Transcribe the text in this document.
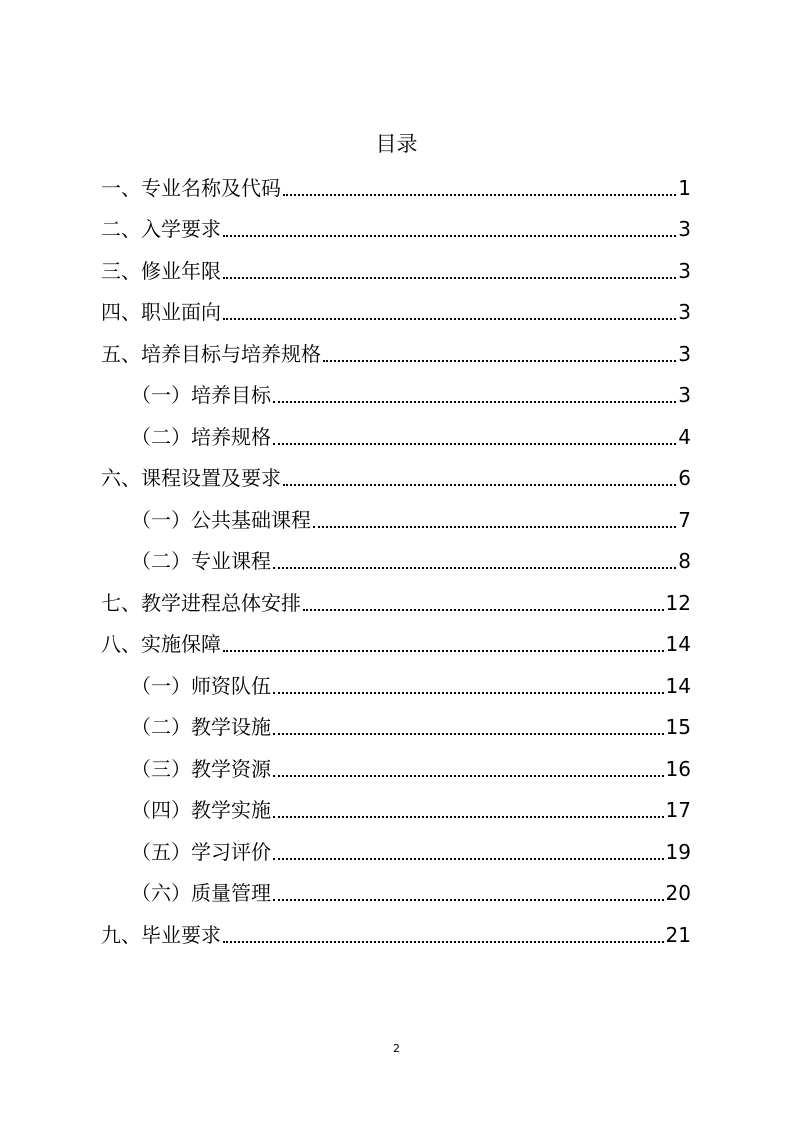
目录
一、专业名称及代码	1
二、入学要求	3
三、修业年限	3
四、职业面向	3
五、培养目标与培养规格	3
（一）培养目标	3
（二）培养规格	4
六、课程设置及要求	6
（一）公共基础课程	7
（二）专业课程	8
七、教学进程总体安排	12
八、实施保障	14
（一）师资队伍	14
（二）教学设施	15
（三）教学资源	16
（四）教学实施	17
（五）学习评价	19
（六）质量管理	20
九、毕业要求	21
2
